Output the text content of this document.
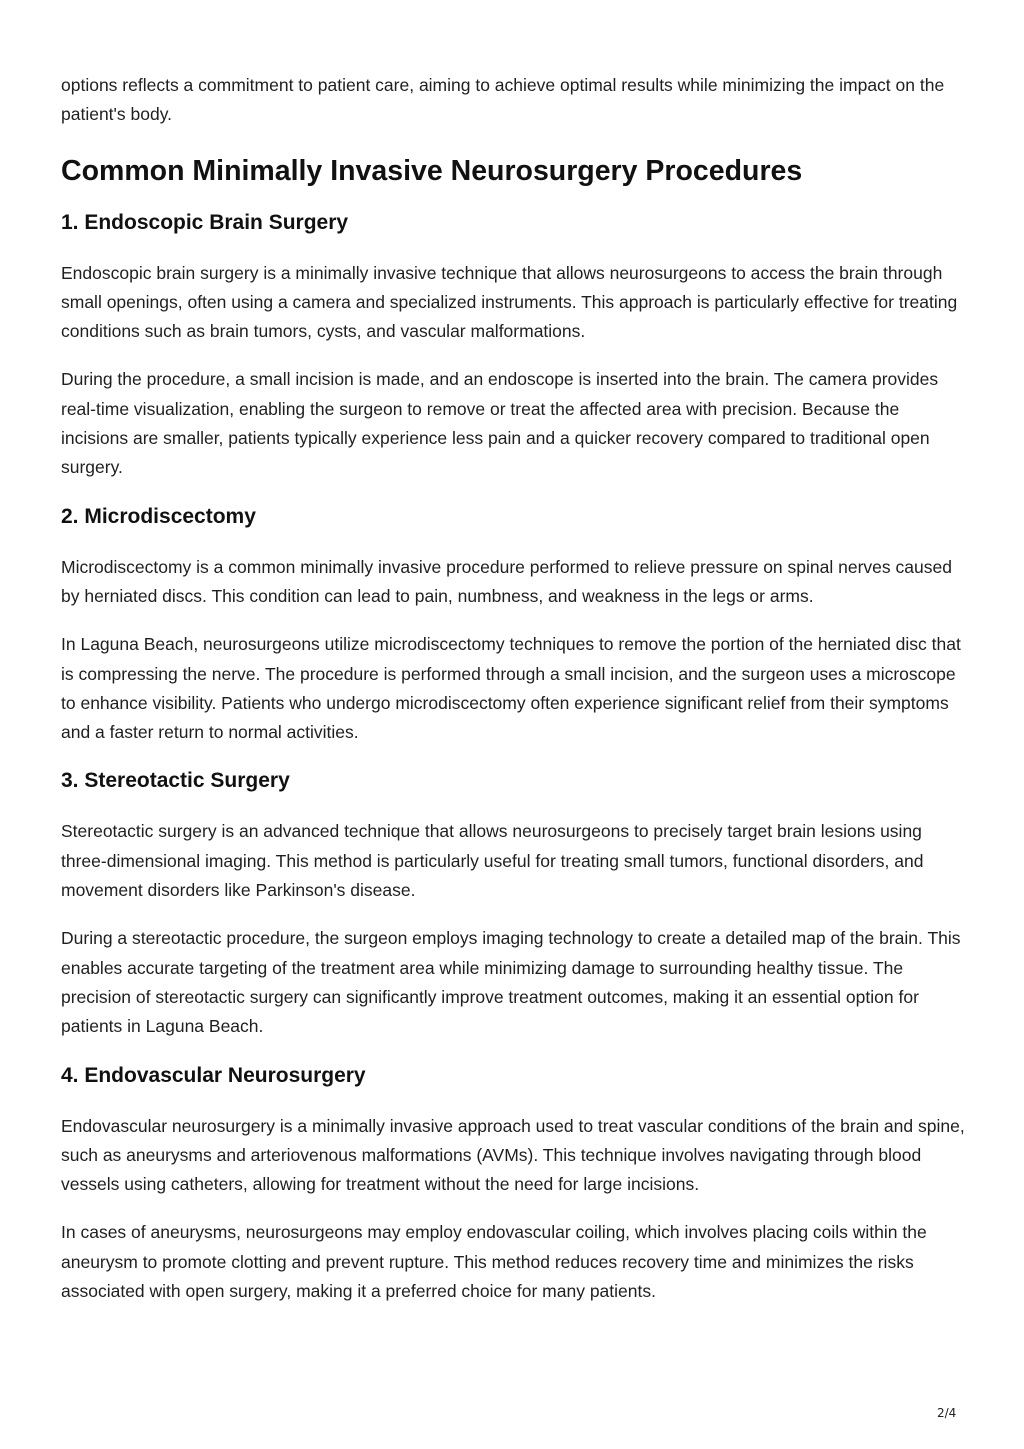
options reflects a commitment to patient care, aiming to achieve optimal results while minimizing the impact on the patient's body.

Common Minimally Invasive Neurosurgery Procedures
1. Endoscopic Brain Surgery

Endoscopic brain surgery is a minimally invasive technique that allows neurosurgeons to access the brain through small openings, often using a camera and specialized instruments. This approach is particularly effective for treating conditions such as brain tumors, cysts, and vascular malformations.

During the procedure, a small incision is made, and an endoscope is inserted into the brain. The camera provides real-time visualization, enabling the surgeon to remove or treat the affected area with precision. Because the incisions are smaller, patients typically experience less pain and a quicker recovery compared to traditional open surgery.

2. Microdiscectomy

Microdiscectomy is a common minimally invasive procedure performed to relieve pressure on spinal nerves caused by herniated discs. This condition can lead to pain, numbness, and weakness in the legs or arms.

In Laguna Beach, neurosurgeons utilize microdiscectomy techniques to remove the portion of the herniated disc that is compressing the nerve. The procedure is performed through a small incision, and the surgeon uses a microscope to enhance visibility. Patients who undergo microdiscectomy often experience significant relief from their symptoms and a faster return to normal activities.

3. Stereotactic Surgery

Stereotactic surgery is an advanced technique that allows neurosurgeons to precisely target brain lesions using three-dimensional imaging. This method is particularly useful for treating small tumors, functional disorders, and movement disorders like Parkinson's disease.

During a stereotactic procedure, the surgeon employs imaging technology to create a detailed map of the brain. This enables accurate targeting of the treatment area while minimizing damage to surrounding healthy tissue. The precision of stereotactic surgery can significantly improve treatment outcomes, making it an essential option for patients in Laguna Beach.

4. Endovascular Neurosurgery

Endovascular neurosurgery is a minimally invasive approach used to treat vascular conditions of the brain and spine, such as aneurysms and arteriovenous malformations (AVMs). This technique involves navigating through blood vessels using catheters, allowing for treatment without the need for large incisions.

In cases of aneurysms, neurosurgeons may employ endovascular coiling, which involves placing coils within the aneurysm to promote clotting and prevent rupture. This method reduces recovery time and minimizes the risks associated with open surgery, making it a preferred choice for many patients.

2/4
